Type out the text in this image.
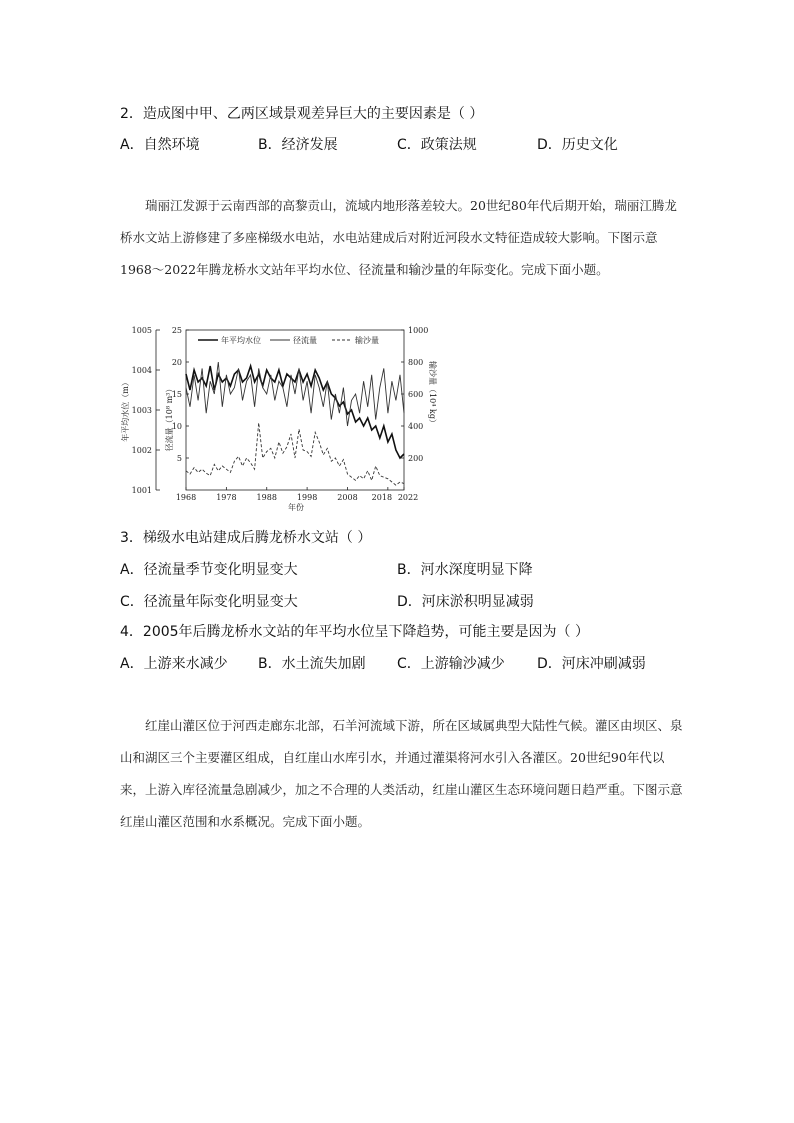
2．造成图中甲、乙两区域景观差异巨大的主要因素是（ ）
A．自然环境	B．经济发展	C．政策法规	D．历史文化

瑞丽江发源于云南西部的高黎贡山，流域内地形落差较大。20世纪80年代后期开始，瑞丽江腾龙桥水文站上游修建了多座梯级水电站，水电站建成后对附近河段水文特征造成较大影响。下图示意1968～2022年腾龙桥水文站年平均水位、径流量和输沙量的年际变化。完成下面小题。

1005
1004
1003
1002
1001
25
20
15
10
5
1000
800
600
400
200
1968	1978	1988	1998	2008 2018 2022
年平均水位（m）	径流量（10⁸ m³）	输沙量（10⁴ kg）
年份
年平均水位	径流量	输沙量
3．梯级水电站建成后腾龙桥水文站（ ）
A．径流量季节变化明显变大	B．河水深度明显下降
C．径流量年际变化明显变大	D．河床淤积明显减弱
4．2005年后腾龙桥水文站的年平均水位呈下降趋势，可能主要是因为（ ）
A．上游来水减少 B．水土流失加剧 C．上游输沙减少 D．河床冲刷减弱

红崖山灌区位于河西走廊东北部，石羊河流域下游，所在区域属典型大陆性气候。灌区由坝区、泉山和湖区三个主要灌区组成，自红崖山水库引水，并通过灌渠将河水引入各灌区。20世纪90年代以来，上游入库径流量急剧减少，加之不合理的人类活动，红崖山灌区生态环境问题日趋严重。下图示意红崖山灌区范围和水系概况。完成下面小题。
